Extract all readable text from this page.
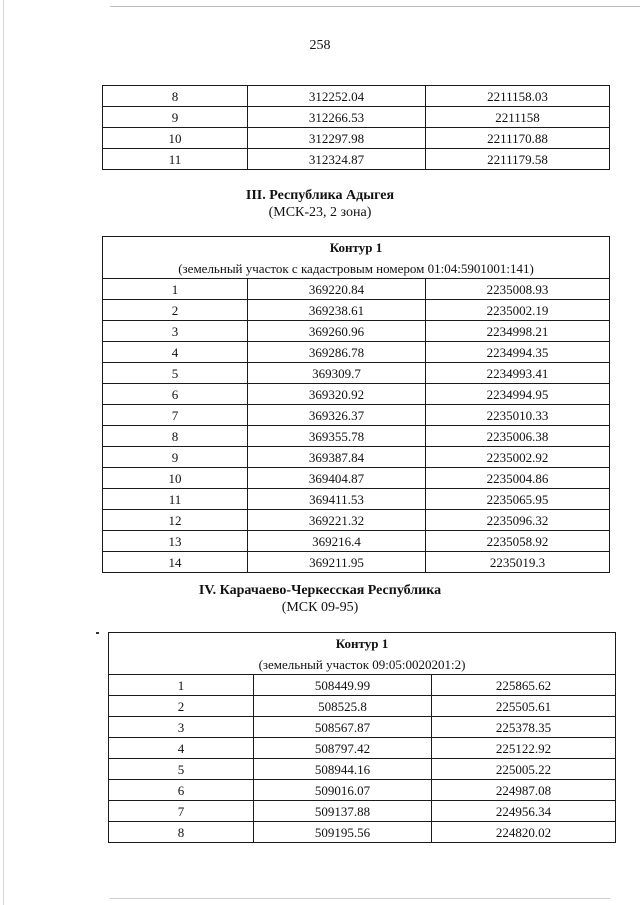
258
8	312252.04	2211158.03
9	312266.53	2211158
10	312297.98	2211170.88
11	312324.87	2211179.58
III. Республика Адыгея
(МСК-23, 2 зона)
Контур 1		
(земельный участок с кадастровым номером 01:04:5901001:141)		
1	369220.84	2235008.93
2	369238.61	2235002.19
3	369260.96	2234998.21
4	369286.78	2234994.35
5	369309.7	2234993.41
6	369320.92	2234994.95
7	369326.37	2235010.33
8	369355.78	2235006.38
9	369387.84	2235002.92
10	369404.87	2235004.86
11	369411.53	2235065.95
12	369221.32	2235096.32
13	369216.4	2235058.92
14	369211.95	2235019.3
IV. Карачаево-Черкесская Республика
(МСК 09-95)
Контур 1		
(земельный участок 09:05:0020201:2)		
1	508449.99	225865.62
2	508525.8	225505.61
3	508567.87	225378.35
4	508797.42	225122.92
5	508944.16	225005.22
6	509016.07	224987.08
7	509137.88	224956.34
8	509195.56	224820.02
